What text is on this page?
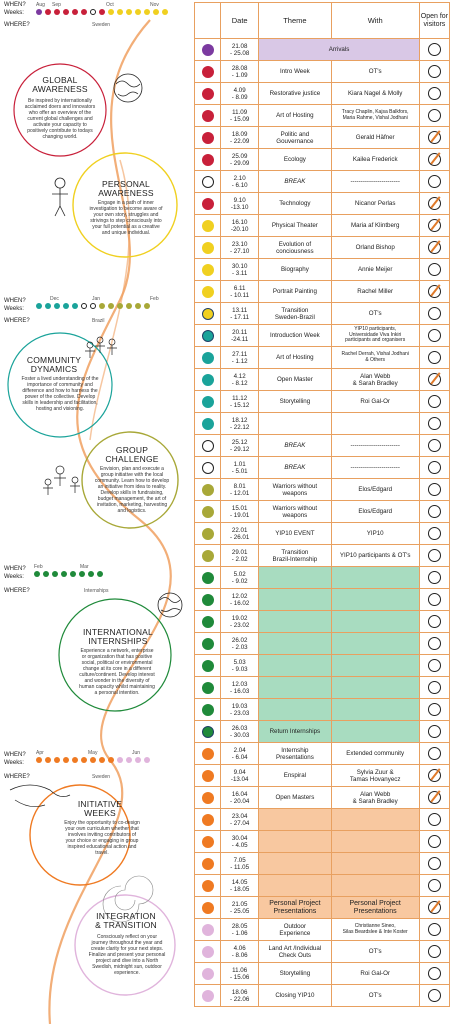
WHEN?
Weeks:
Aug Sep	Oct	Nov
WHERE?	Sweden
GLOBAL
AWARENESS
Be inspired by internationally
acclaimed doers and innovators
who offer an overview of the
current global challenges and
activate your capacity to
positively contribute to todays
changing world.
PERSONAL
AWARENESS
Engage in a path of inner
investigation to become aware of
your own story, struggles and
strivings to step consciously into
your full potential as a creative
and unique individual.
WHEN?
Weeks:
Dec	Jan	Feb
WHERE?	Brazil
COMMUNITY
DYNAMICS
Foster a lived understanding of the
importance of community and
difference and how to harness the
power of the collective. Develop
skills in leadership and facilitation,
hosting and visioning.
GROUP
CHALLENGE
Envision, plan and execute a
group initiative with the local
community. Learn how to develop
an initiative from idea to reality.
Develop skills in fundraising,
budget management, the art of
invitation, marketing, harvesting
and logistics.
WHEN?
Weeks:
Feb	Mar
WHERE?	Internships
INTERNATIONAL
INTERNSHIPS
Experience a network, enterprise
or organization that has positive
social, political or environmental
change at its core in a different
culture/continent. Develop interest
and wonder in the diversity of
human capacity whilst maintaining
a personal intention.
WHEN?
Weeks:
Apr	May	Jun
WHERE?	Sweden
INITIATIVE
WEEKS
Enjoy the opportunity to co-design
your own curriculum whether that
involves inviting contributors of
your choice or engaging in group
inspired educational action and
travel.
INTEGRATION
& TRANSITION
Consciously reflect on your
journey throughout the year and
create clarity for your next steps.
Finalize and present your personal
project and dive into a North
Swedish, midnight sun, outdoor
experience.
	Date	Theme	With	Open for visitors

	21.08
- 25.08	Arrivals		

	28.08
- 1.09	Intro Week	OT's	

	4.09
- 8.09	Restorative justice	Kiara Nagel & Molly	

	11.09
- 15.09	Art of Hosting	Tracy Chaplin, Kajsa Balkfors,
Maria Rahme, Vishal Jodhani	

	18.09
- 22.09	Politic and
Gouvernance	Gerald Häfner	

	25.09
- 29.09	Ecology	Kailea Frederick	

	2.10
- 6.10	BREAK	------------------------	

	9.10
-13.10	Technology	Nicanor Perlas	

	16.10
-20.10	Physical Theater	Maria af Klintberg	

	23.10
- 27.10	Evolution of
conciousness	Orland Bishop	

	30.10
- 3.11	Biography	Annie Meijer	

	6.11
- 10.11	Portrait Painting	Rachel Miller	

	13.11
- 17.11	Transition
Sweden-Brazil	OT's	

	20.11
-24.11	Introduction Week	YIP10 participants,
Universidade Viva Inkiri
participants and organisers	

	27.11
- 1.12	Art of Hosting	Rachel Derrah, Vishal Jodhani
& Others	

	4.12
- 8.12	Open Master	Alan Webb
& Sarah Bradley	

	11.12
- 15.12	Storytelling	Roi Gal-Or	

	18.12
- 22.12			

	25.12
- 29.12	BREAK	------------------------	

	1.01
- 5.01	BREAK	------------------------	

	8.01
- 12.01	Warriors without
weapons	Elos/Edgard	

	15.01
- 19.01	Warriors without
weapons	Elos/Edgard	

	22.01
- 26.01	YIP10 EVENT	YIP10	

	29.01
- 2.02	Transition
Brazil-Internship	YIP10 participants & OT's	

	5.02
- 9.02			

	12.02
- 16.02			

	19.02
- 23.02			

	26.02
- 2.03			

	5.03
- 9.03			

	12.03
- 16.03			

	19.03
- 23.03			

	26.03
- 30.03	Return Internships		

	2.04
- 6.04	Internship
Presentations	Extended community	

	9.04
-13.04	Enspiral	Sylvia Zuur &
Tamas Hovanyecz	

	16.04
- 20.04	Open Masters	Alan Webb
& Sarah Bradley	

	23.04
- 27.04			

	30.04
- 4.05			

	7.05
- 11.05			

	14.05
- 18.05			

	21.05
- 25.05	Personal Project
Presentations	Personal Project
Presentations	

	28.05
- 1.06	Outdoor
Experience	Christianne Sineo,
Silas Beardslee & Inte Koster	

	4.06
- 8.06	Land Art /Individual
Check Outs	OT's	

	11.06
- 15.06	Storytelling	Roi Gal-Or	

	18.06
- 22.06	Closing YIP10	OT's	
